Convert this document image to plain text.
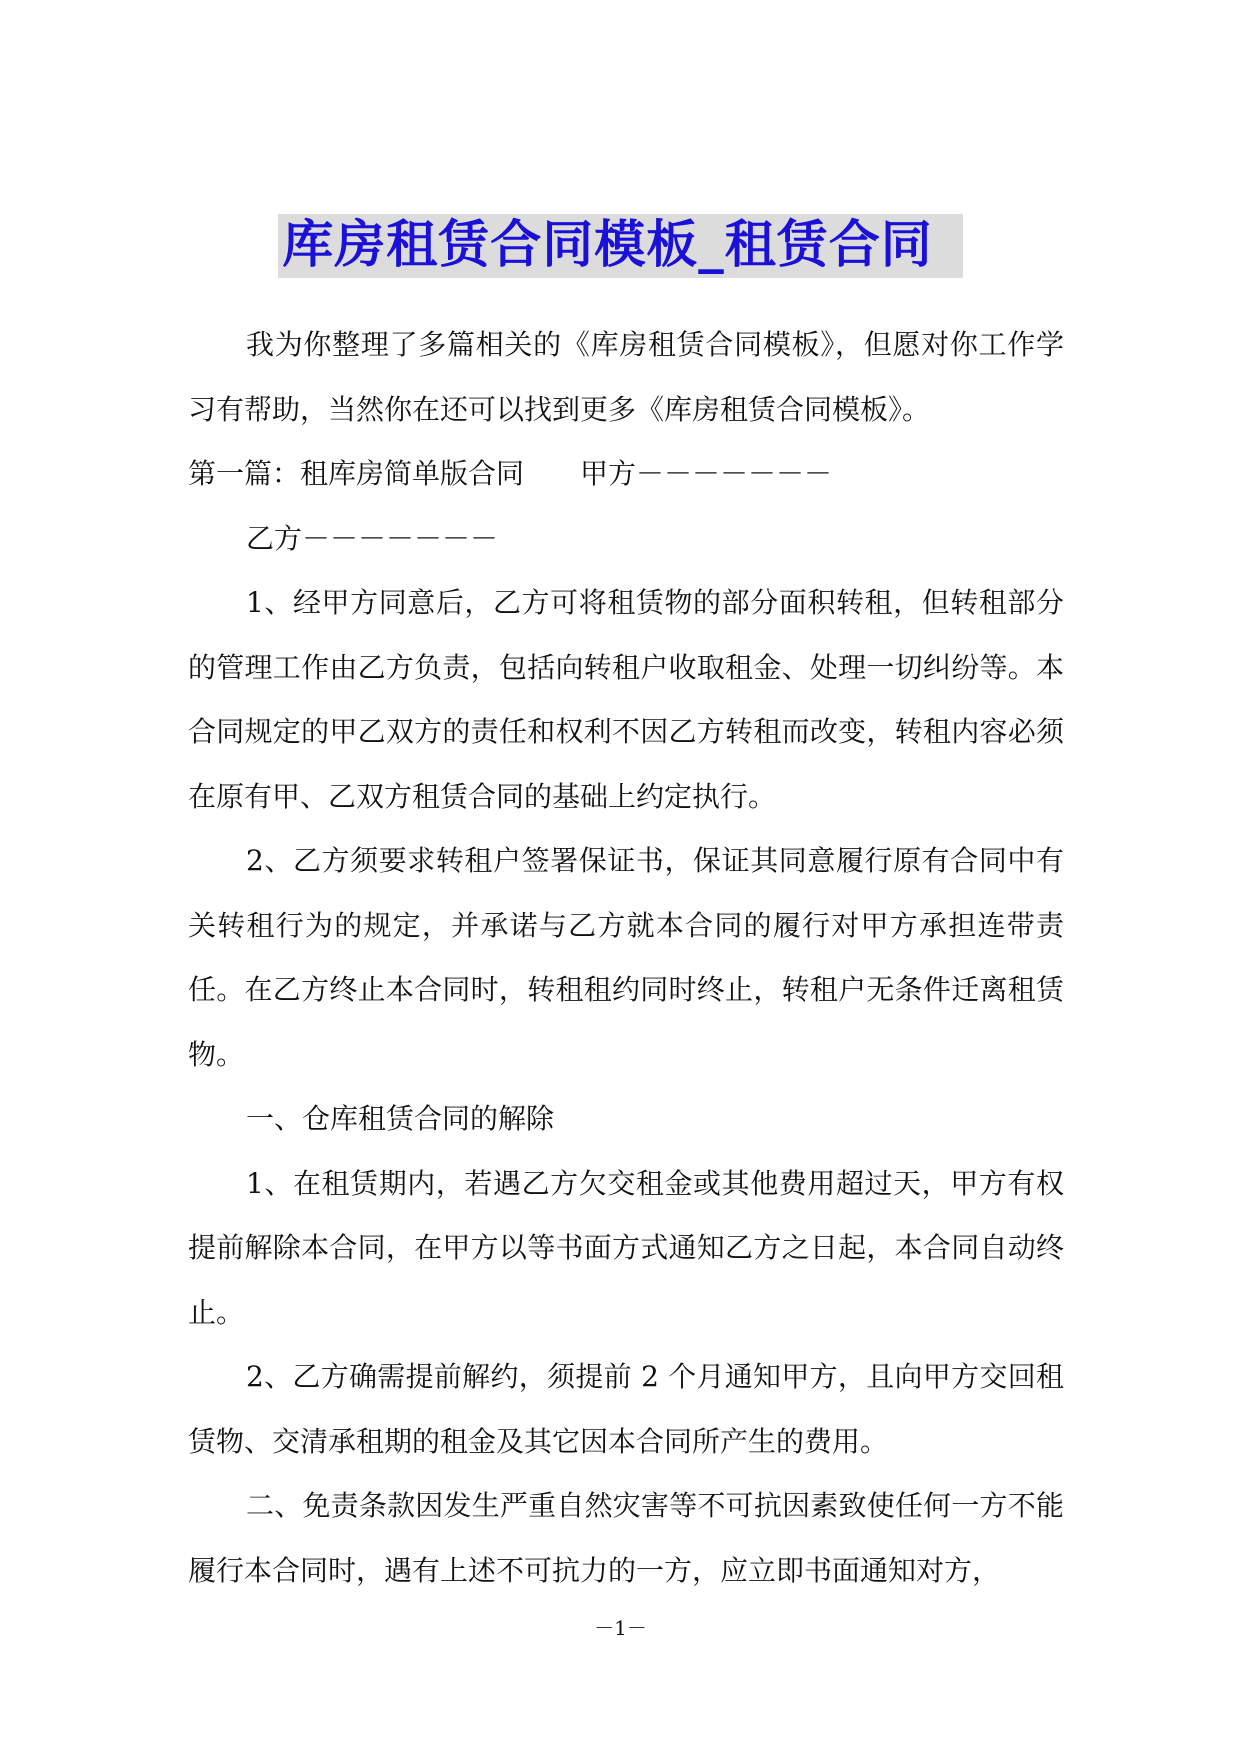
库房租赁合同模板_租赁合同

我为你整理了多篇相关的《库房租赁合同模板》，但愿对你工作学习有帮助，当然你在还可以找到更多《库房租赁合同模板》。

第一篇：租库房简单版合同 甲方－－－－－－－

乙方－－－－－－－

1、经甲方同意后，乙方可将租赁物的部分面积转租，但转租部分的管理工作由乙方负责，包括向转租户收取租金、处理一切纠纷等。本合同规定的甲乙双方的责任和权利不因乙方转租而改变，转租内容必须在原有甲、乙双方租赁合同的基础上约定执行。

2、乙方须要求转租户签署保证书，保证其同意履行原有合同中有关转租行为的规定，并承诺与乙方就本合同的履行对甲方承担连带责任。在乙方终止本合同时，转租租约同时终止，转租户无条件迁离租赁物。

一、仓库租赁合同的解除

1、在租赁期内，若遇乙方欠交租金或其他费用超过天，甲方有权提前解除本合同，在甲方以等书面方式通知乙方之日起，本合同自动终止。

2、乙方确需提前解约，须提前 2 个月通知甲方，且向甲方交回租赁物、交清承租期的租金及其它因本合同所产生的费用。

二、免责条款因发生严重自然灾害等不可抗因素致使任何一方不能履行本合同时，遇有上述不可抗力的一方，应立即书面通知对方，

－1－
